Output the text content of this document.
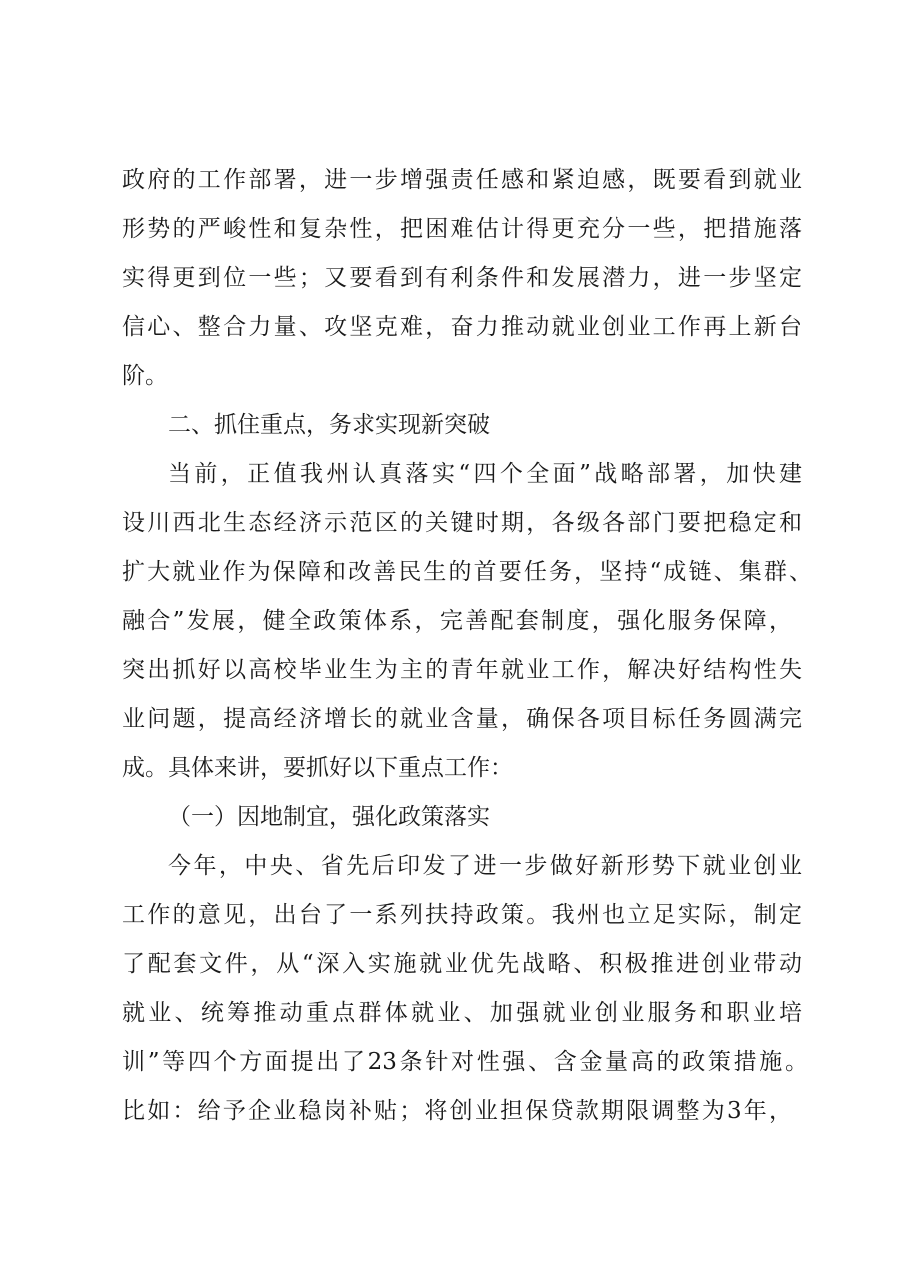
政府的工作部署，进一步增强责任感和紧迫感，既要看到就业
形势的严峻性和复杂性，把困难估计得更充分一些，把措施落
实得更到位一些；又要看到有利条件和发展潜力，进一步坚定
信心、整合力量、攻坚克难，奋力推动就业创业工作再上新台
阶。
二、抓住重点，务求实现新突破
当前，正值我州认真落实“四个全面”战略部署，加快建
设川西北生态经济示范区的关键时期，各级各部门要把稳定和
扩大就业作为保障和改善民生的首要任务，坚持“成链、集群、
融合”发展，健全政策体系，完善配套制度，强化服务保障，
突出抓好以高校毕业生为主的青年就业工作，解决好结构性失
业问题，提高经济增长的就业含量，确保各项目标任务圆满完
成。具体来讲，要抓好以下重点工作：
（一）因地制宜，强化政策落实
今年，中央、省先后印发了进一步做好新形势下就业创业
工作的意见，出台了一系列扶持政策。我州也立足实际，制定
了配套文件，从“深入实施就业优先战略、积极推进创业带动
就业、统筹推动重点群体就业、加强就业创业服务和职业培
训”等四个方面提出了23条针对性强、含金量高的政策措施。
比如：给予企业稳岗补贴；将创业担保贷款期限调整为3年，
